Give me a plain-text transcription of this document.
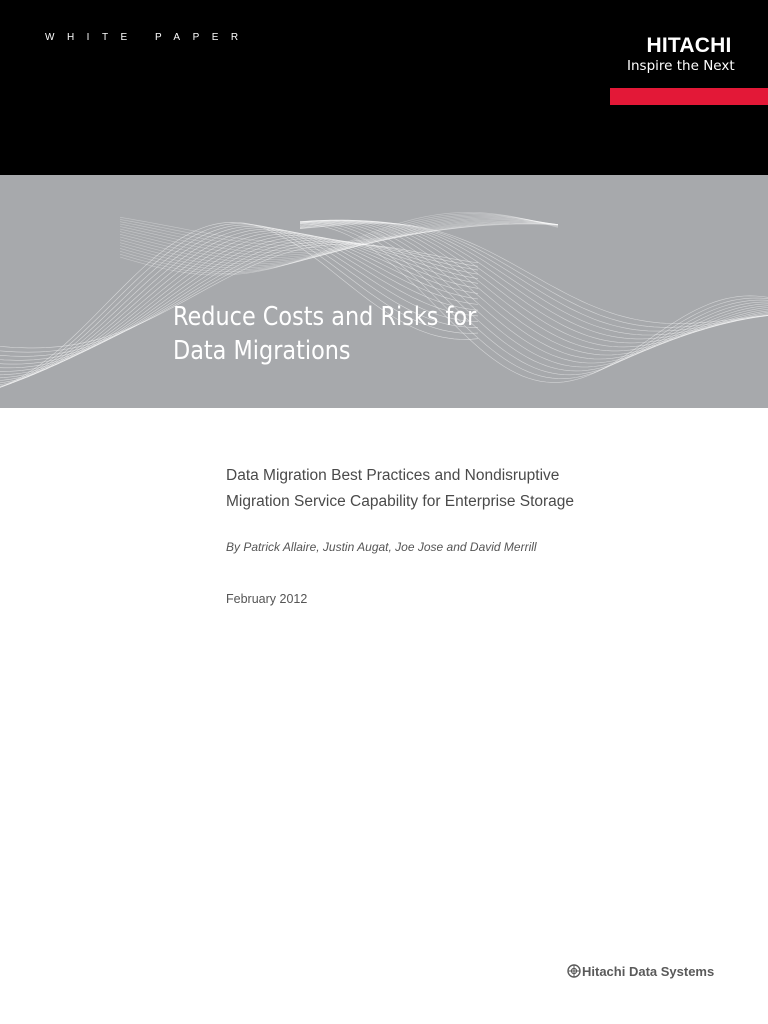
WHITE PAPER	HITACHI
Inspire the Next
Reduce Costs and Risks for
Data Migrations
Data Migration Best Practices and Nondisruptive
Migration Service Capability for Enterprise Storage
By Patrick Allaire, Justin Augat, Joe Jose and David Merrill
February 2012
Hitachi Data Systems
